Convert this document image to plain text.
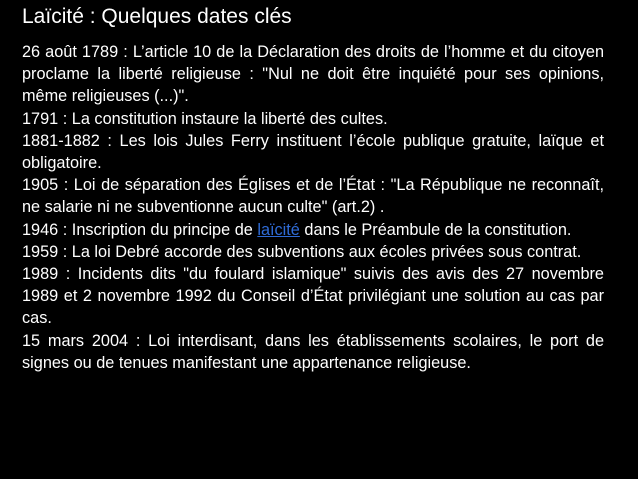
Laïcité : Quelques dates clés

26 août 1789 : L’article 10 de la Déclaration des droits de l’homme et du citoyen proclame la liberté religieuse : "Nul ne doit être inquiété pour ses opinions, même religieuses (...)".

1791 : La constitution instaure la liberté des cultes.

1881-1882 : Les lois Jules Ferry instituent l’école publique gratuite, laïque et obligatoire.

1905 : Loi de séparation des Églises et de l’État : "La République ne reconnaît, ne salarie ni ne subventionne aucun culte" (art.2) .

1946 : Inscription du principe de laïcité dans le Préambule de la constitution.

1959 : La loi Debré accorde des subventions aux écoles privées sous contrat.

1989 : Incidents dits "du foulard islamique" suivis des avis des 27 novembre 1989 et 2 novembre 1992 du Conseil d’État privilégiant une solution au cas par cas.

15 mars 2004 : Loi interdisant, dans les établissements scolaires, le port de signes ou de tenues manifestant une appartenance religieuse.
